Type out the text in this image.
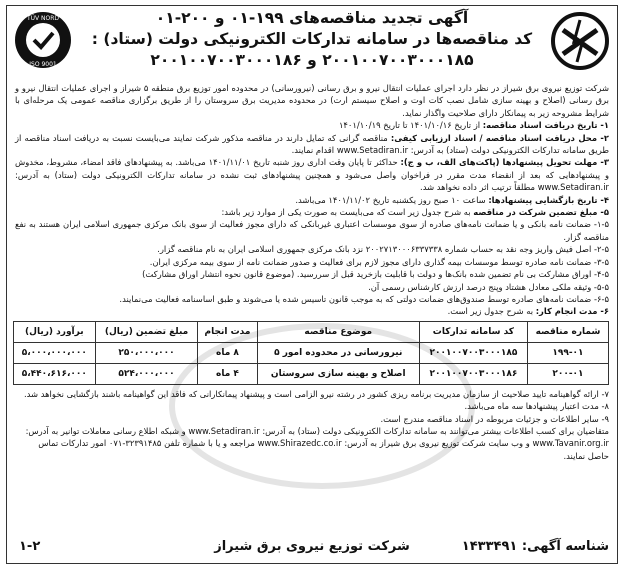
آگهی تجدید مناقصه‌های ۱۹۹-۰۱ و ۲۰۰-۰۱
کد مناقصه‌ها در سامانه تدارکات الکترونیکی دولت (ستاد) :
۲۰۰۱۰۰۷۰۰۳۰۰۰۱۸۵ و ۲۰۰۱۰۰۷۰۰۳۰۰۰۱۸۶
TÜV NORD
ISO 9001

شرکت توزیع نیروی برق شیراز در نظر دارد اجرای عملیات انتقال نیرو و برق رسانی (نیرورسانی) در محدوده امور توزیع برق منطقه ۵ شیراز و اجرای عملیات انتقال نیرو و برق رسانی (اصلاح و بهینه سازی شامل نصب کات اوت و اصلاح سیستم ارت) در محدوده مدیریت برق سروستان را از طریق برگزاری مناقصه عمومی یک مرحله‌ای با شرایط مشروحه زیر به پیمانکار دارای صلاحیت واگذار نماید.

۱- تاریخ دریافت اسناد مناقصه: از تاریخ ۱۴۰۱/۱۰/۱۶ تا تاریخ ۱۴۰۱/۱۰/۱۹

۲- محل دریافت اسناد مناقصه / اسناد ارزیابی کیفی: مناقصه گرانی که تمایل دارند در مناقصه مذکور شرکت نمایند می‌بایست نسبت به دریافت اسناد مناقصه از طریق سامانه تدارکات الکترونیکی دولت (ستاد) به آدرس: www.Setadiran.ir اقدام نمایند.

۳- مهلت تحویل پیشنهادها (پاکت‌های الف، ب و ج): حداکثر تا پایان وقت اداری روز شنبه تاریخ ۱۴۰۱/۱۱/۰۱ می‌باشد. به پیشنهادهای فاقد امضاء، مشروط، مخدوش و پیشنهادهایی که بعد از انقضاء مدت مقرر در فراخوان واصل می‌شود و همچنین پیشنهادهای ثبت نشده در سامانه تدارکات الکترونیکی دولت (ستاد) به آدرس: www.Setadiran.ir مطلقاً ترتیب اثر داده نخواهد شد.

۴- تاریخ بازگشایی پیشنهادها: ساعت ۱۰ صبح روز یکشنبه تاریخ ۱۴۰۱/۱۱/۰۲ می‌باشد.

۵- مبلغ تضمین شرکت در مناقصه به شرح جدول زیر است که می‌بایست به صورت یکی از موارد زیر باشد:

۱-۵- ضمانت نامه بانکی و یا ضمانت نامه‌های صادره از سوی موسسات اعتباری غیربانکی که دارای مجوز فعالیت از سوی بانک مرکزی جمهوری اسلامی ایران هستند به نفع مناقصه گزار.

۲-۵- اصل فیش واریز وجه نقد به حساب شماره ۲۰۰۲۷۱۳۰۰۰۶۳۳۷۳۳۸ نزد بانک مرکزی جمهوری اسلامی ایران به نام مناقصه گزار.

۳-۵- ضمانت نامه صادره توسط موسسات بیمه گذاری دارای مجوز لازم برای فعالیت و صدور ضمانت نامه از سوی بیمه مرکزی ایران.

۴-۵- اوراق مشارکت بی نام تضمین شده بانک‌ها و دولت با قابلیت بازخرید قبل از سررسید. (موضوع قانون نحوه انتشار اوراق مشارکت)

۵-۵- وثیقه ملکی معادل هشتاد وپنج درصد ارزش کارشناس رسمی آن.

۶-۵- ضمانت نامه‌های صادره توسط صندوق‌های ضمانت دولتی که به موجب قانون تاسیس شده یا می‌شوند و طبق اساسنامه فعالیت می‌نمایند.

۶- مدت انجام کار: به شرح جدول زیر است.

شماره مناقصه	کد سامانه تدارکات	موضوع مناقصه	مدت انجام	مبلغ تضمین (ریال)	برآورد (ریال)
۱۹۹-۰۱	۲۰۰۱۰۰۷۰۰۳۰۰۰۱۸۵	نیرورسانی در محدوده امور ۵	۸ ماه	۲۵۰،۰۰۰،۰۰۰	۵،۰۰۰،۰۰۰،۰۰۰
۲۰۰-۰۱	۲۰۰۱۰۰۷۰۰۳۰۰۰۱۸۶	اصلاح و بهینه سازی سروستان	۴ ماه	۵۲۴،۰۰۰،۰۰۰	۵،۴۴۰،۶۱۶،۰۰۰
۷- ارائه گواهینامه تایید صلاحیت از سازمان مدیریت برنامه ریزی کشور در رشته نیرو الزامی است و پیشنهاد پیمانکارانی که فاقد این گواهینامه باشند بازگشایی نخواهد شد.
۸- مدت اعتبار پیشنهادها سه ماه می‌باشد.
۹- سایر اطلاعات و جزئیات مربوطه در اسناد مناقصه مندرج است.
متقاضیان برای کسب اطلاعات بیشتر می‌توانند به سامانه تدارکات الکترونیکی دولت (ستاد) به آدرس: www.Setadiran.ir و شبکه اطلاع رسانی معاملات توانیر به آدرس: www.Tavanir.org.ir و وب سایت شرکت توزیع نیروی برق شیراز به آدرس: www.Shirazedc.co.ir مراجعه و یا با شماره تلفن ۳۲۳۹۱۴۸۵-۰۷۱ امور تدارکات تماس حاصل نمایند.
شناسه آگهی: ۱۴۳۳۴۹۱
شرکت توزیع نیروی برق شیراز
۱-۲
